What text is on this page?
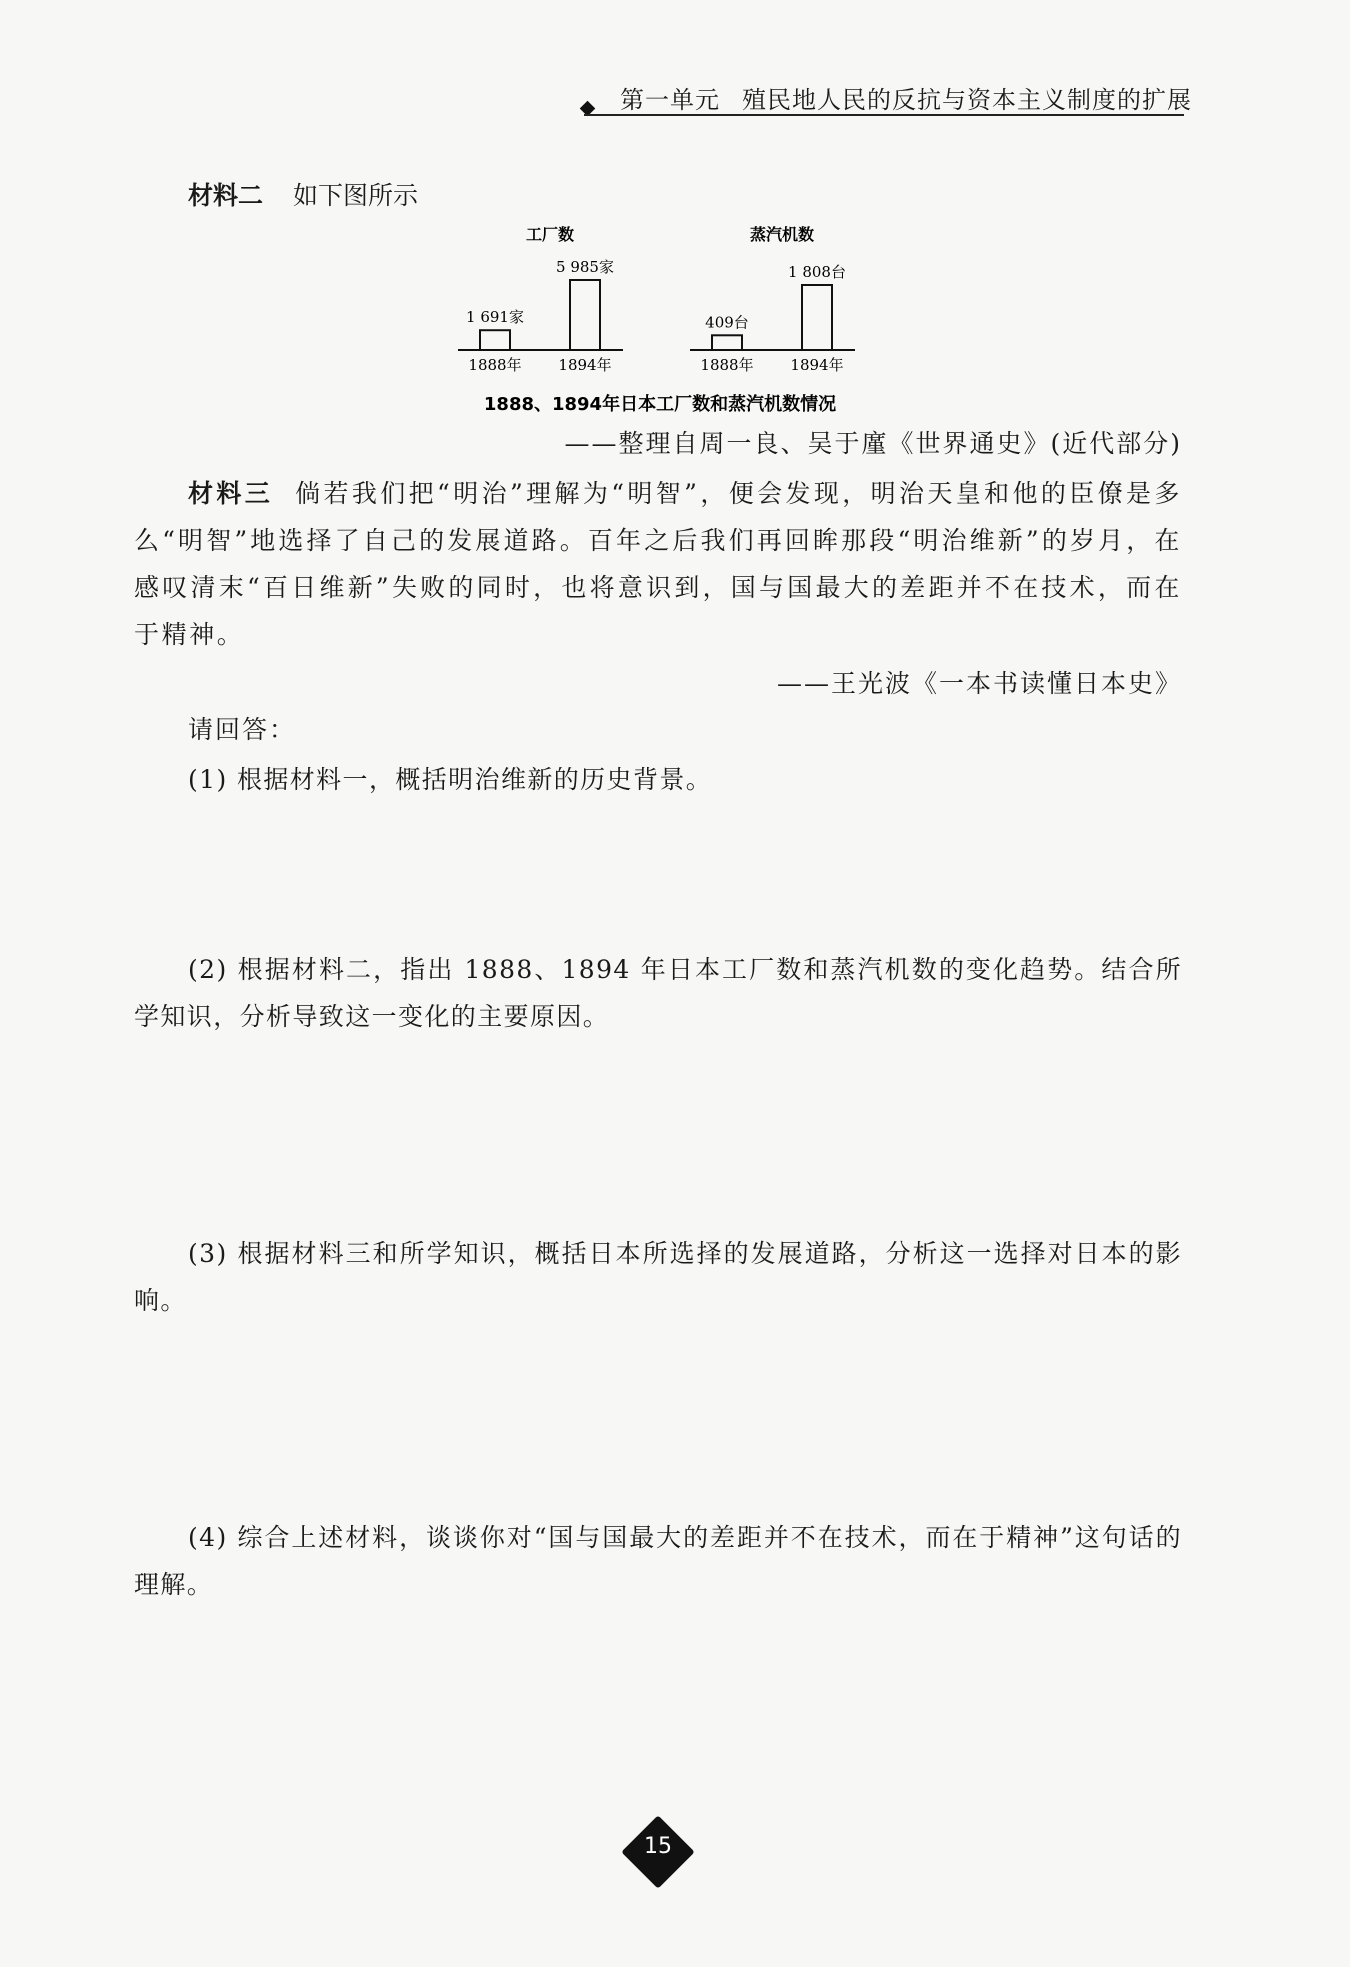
第一单元 殖民地人民的反抗与资本主义制度的扩展
材料二 如下图所示
工厂数
1 691家
1888年
5 985家
1894年
蒸汽机数
409台
1888年
1 808台
1894年
1888、1894年日本工厂数和蒸汽机数情况
——整理自周一良、吴于廑《世界通史》(近代部分)

材料三 倘若我们把“明治”理解为“明智”，便会发现，明治天皇和他的臣僚是多么“明智”地选择了自己的发展道路。百年之后我们再回眸那段“明治维新”的岁月，在感叹清末“百日维新”失败的同时，也将意识到，国与国最大的差距并不在技术，而在于精神。

——王光波《一本书读懂日本史》
请回答：

(1) 根据材料一，概括明治维新的历史背景。

(2) 根据材料二，指出 1888、1894 年日本工厂数和蒸汽机数的变化趋势。结合所学知识，分析导致这一变化的主要原因。

(3) 根据材料三和所学知识，概括日本所选择的发展道路，分析这一选择对日本的影响。

(4) 综合上述材料，谈谈你对“国与国最大的差距并不在技术，而在于精神”这句话的理解。

15
